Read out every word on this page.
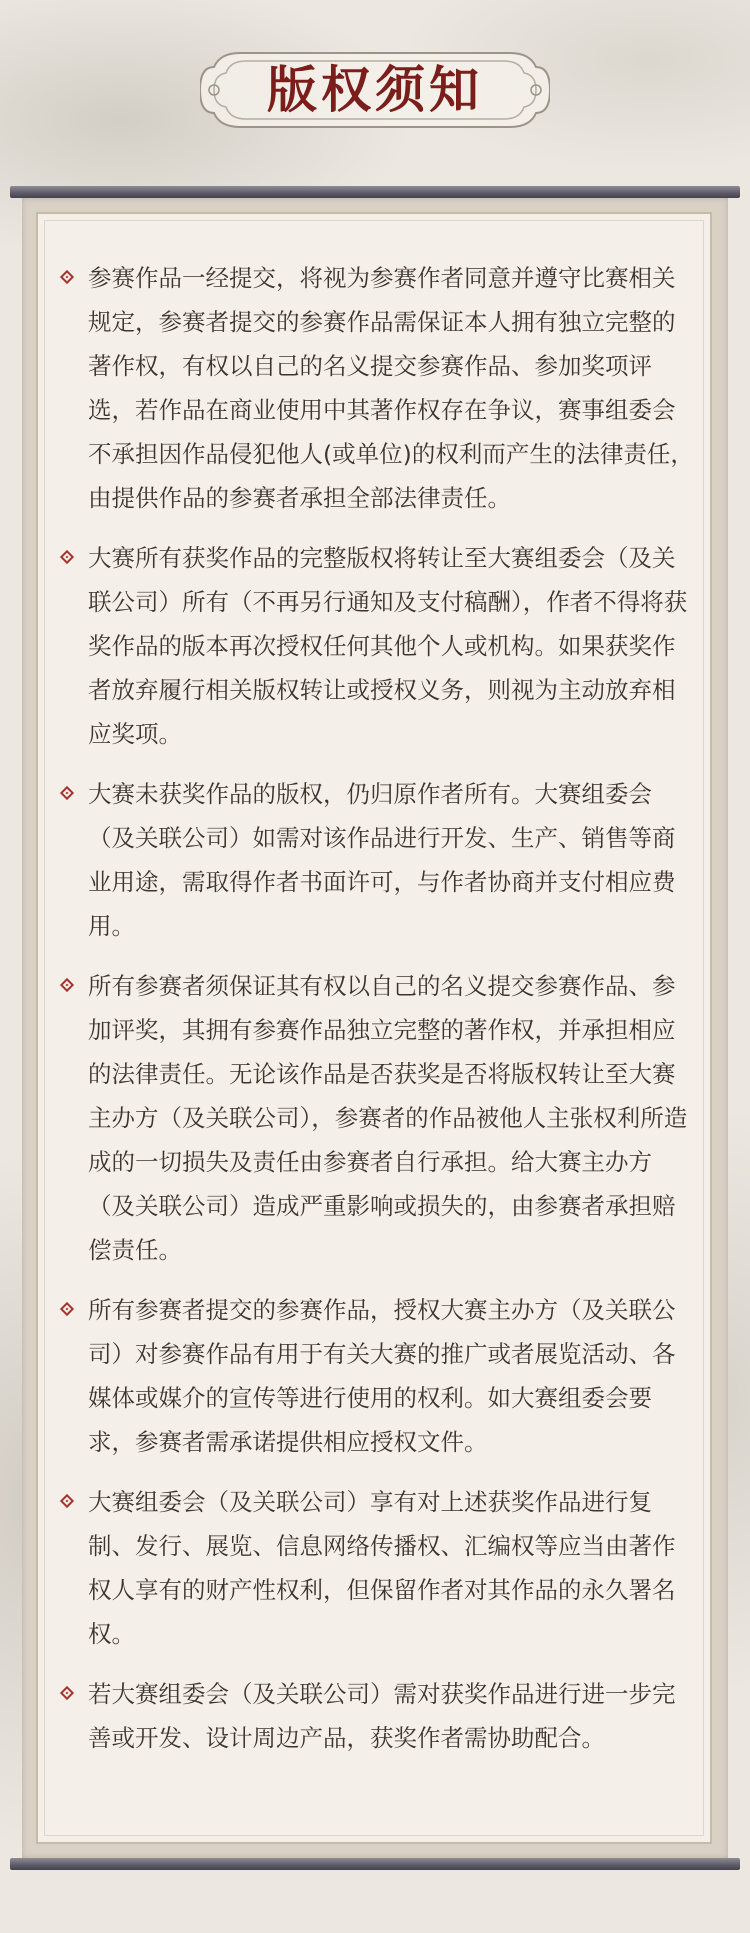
版权须知
参赛作品一经提交，将视为参赛作者同意并遵守比赛相关规定，参赛者提交的参赛作品需保证本人拥有独立完整的著作权，有权以自己的名义提交参赛作品、参加奖项评选，若作品在商业使用中其著作权存在争议，赛事组委会不承担因作品侵犯他人(或单位)的权利而产生的法律责任，由提供作品的参赛者承担全部法律责任。
大赛所有获奖作品的完整版权将转让至大赛组委会（及关联公司）所有（不再另行通知及支付稿酬），作者不得将获奖作品的版本再次授权任何其他个人或机构。如果获奖作者放弃履行相关版权转让或授权义务，则视为主动放弃相应奖项。
大赛未获奖作品的版权，仍归原作者所有。大赛组委会（及关联公司）如需对该作品进行开发、生产、销售等商业用途，需取得作者书面许可，与作者协商并支付相应费用。
所有参赛者须保证其有权以自己的名义提交参赛作品、参加评奖，其拥有参赛作品独立完整的著作权，并承担相应的法律责任。无论该作品是否获奖是否将版权转让至大赛主办方（及关联公司），参赛者的作品被他人主张权利所造成的一切损失及责任由参赛者自行承担。给大赛主办方（及关联公司）造成严重影响或损失的，由参赛者承担赔偿责任。
所有参赛者提交的参赛作品，授权大赛主办方（及关联公司）对参赛作品有用于有关大赛的推广或者展览活动、各媒体或媒介的宣传等进行使用的权利。如大赛组委会要求，参赛者需承诺提供相应授权文件。
大赛组委会（及关联公司）享有对上述获奖作品进行复制、发行、展览、信息网络传播权、汇编权等应当由著作权人享有的财产性权利，但保留作者对其作品的永久署名权。
若大赛组委会（及关联公司）需对获奖作品进行进一步完善或开发、设计周边产品，获奖作者需协助配合。
